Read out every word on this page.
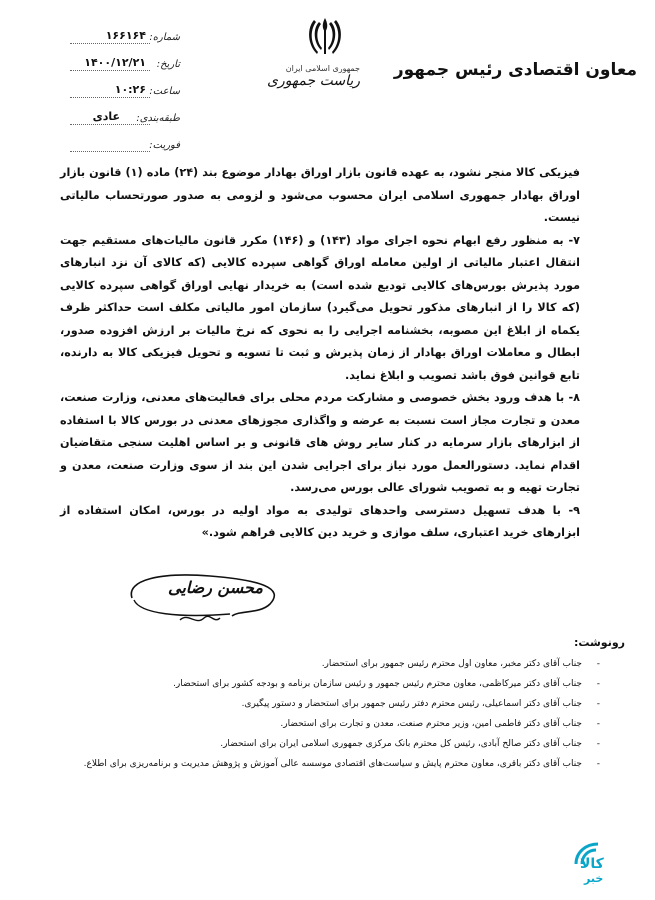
معاون اقتصادی رئیس جمهور
جمهوری اسلامی ایران
ریاست جمهوری
شماره:
۱۶۶۱۶۴
تاریخ:
۱۴۰۰/۱۲/۲۱
ساعت:
۱۰:۲۶
طبقه‌بندی:
عادی
فوریت:

فیزیکی کالا منجر نشود، به عهده قانون بازار اوراق بهادار موضوع بند (۲۴) ماده (۱) قانون بازار اوراق بهادار جمهوری اسلامی ایران محسوب می‌شود و لزومی به صدور صورتحساب مالیاتی نیست.

۷- به منظور رفع ابهام نحوه اجرای مواد (۱۴۳) و (۱۴۶) مکرر قانون مالیات‌های مستقیم جهت انتقال اعتبار مالیاتی از اولین معامله اوراق گواهی سپرده کالایی (که کالای آن نزد انبارهای مورد پذیرش بورس‌های کالایی تودیع شده است) به خریدار نهایی اوراق گواهی سپرده کالایی (که کالا را از انبارهای مذکور تحویل می‌گیرد) سازمان امور مالیاتی مکلف است حداکثر ظرف یکماه از ابلاغ این مصوبه، بخشنامه اجرایی را به نحوی که نرخ مالیات بر ارزش افزوده صدور، ابطال و معاملات اوراق بهادار از زمان پذیرش و ثبت تا تسویه و تحویل فیزیکی کالا به دارنده، تابع قوانین فوق باشد تصویب و ابلاغ نماید.

۸- با هدف ورود بخش خصوصی و مشارکت مردم محلی برای فعالیت‌های معدنی، وزارت صنعت، معدن و تجارت مجاز است نسبت به عرضه و واگذاری مجوزهای معدنی در بورس کالا با استفاده از ابزارهای بازار سرمایه در کنار سایر روش های قانونی و بر اساس اهلیت سنجی متقاضیان اقدام نماید. دستورالعمل مورد نیاز برای اجرایی شدن این بند از سوی وزارت صنعت، معدن و تجارت تهیه و به تصویب شورای عالی بورس می‌رسد.

۹- با هدف تسهیل دسترسی واحدهای تولیدی به مواد اولیه در بورس، امکان استفاده از ابزارهای خرید اعتباری، سلف موازی و خرید دین کالایی فراهم شود.»

محسن رضایی
رونوشت:
-
جناب آقای دکتر مخبر، معاون اول محترم رئیس جمهور برای استحضار.
-
جناب آقای دکتر میرکاظمی، معاون محترم رئیس جمهور و رئیس سازمان برنامه و بودجه کشور برای استحضار.
-
جناب آقای دکتر اسماعیلی، رئیس محترم دفتر رئیس جمهور برای استحضار و دستور پیگیری.
-
جناب آقای دکتر فاطمی امین، وزیر محترم صنعت، معدن و تجارت برای استحضار.
-
جناب آقای دکتر صالح آبادی، رئیس کل محترم بانک مرکزی جمهوری اسلامی ایران برای استحضار.
-
جناب آقای دکتر باقری، معاون محترم پایش و سیاست‌های اقتصادی موسسه عالی آموزش و پژوهش مدیریت و برنامه‌ریزی برای اطلاع.
کالا
خبر
